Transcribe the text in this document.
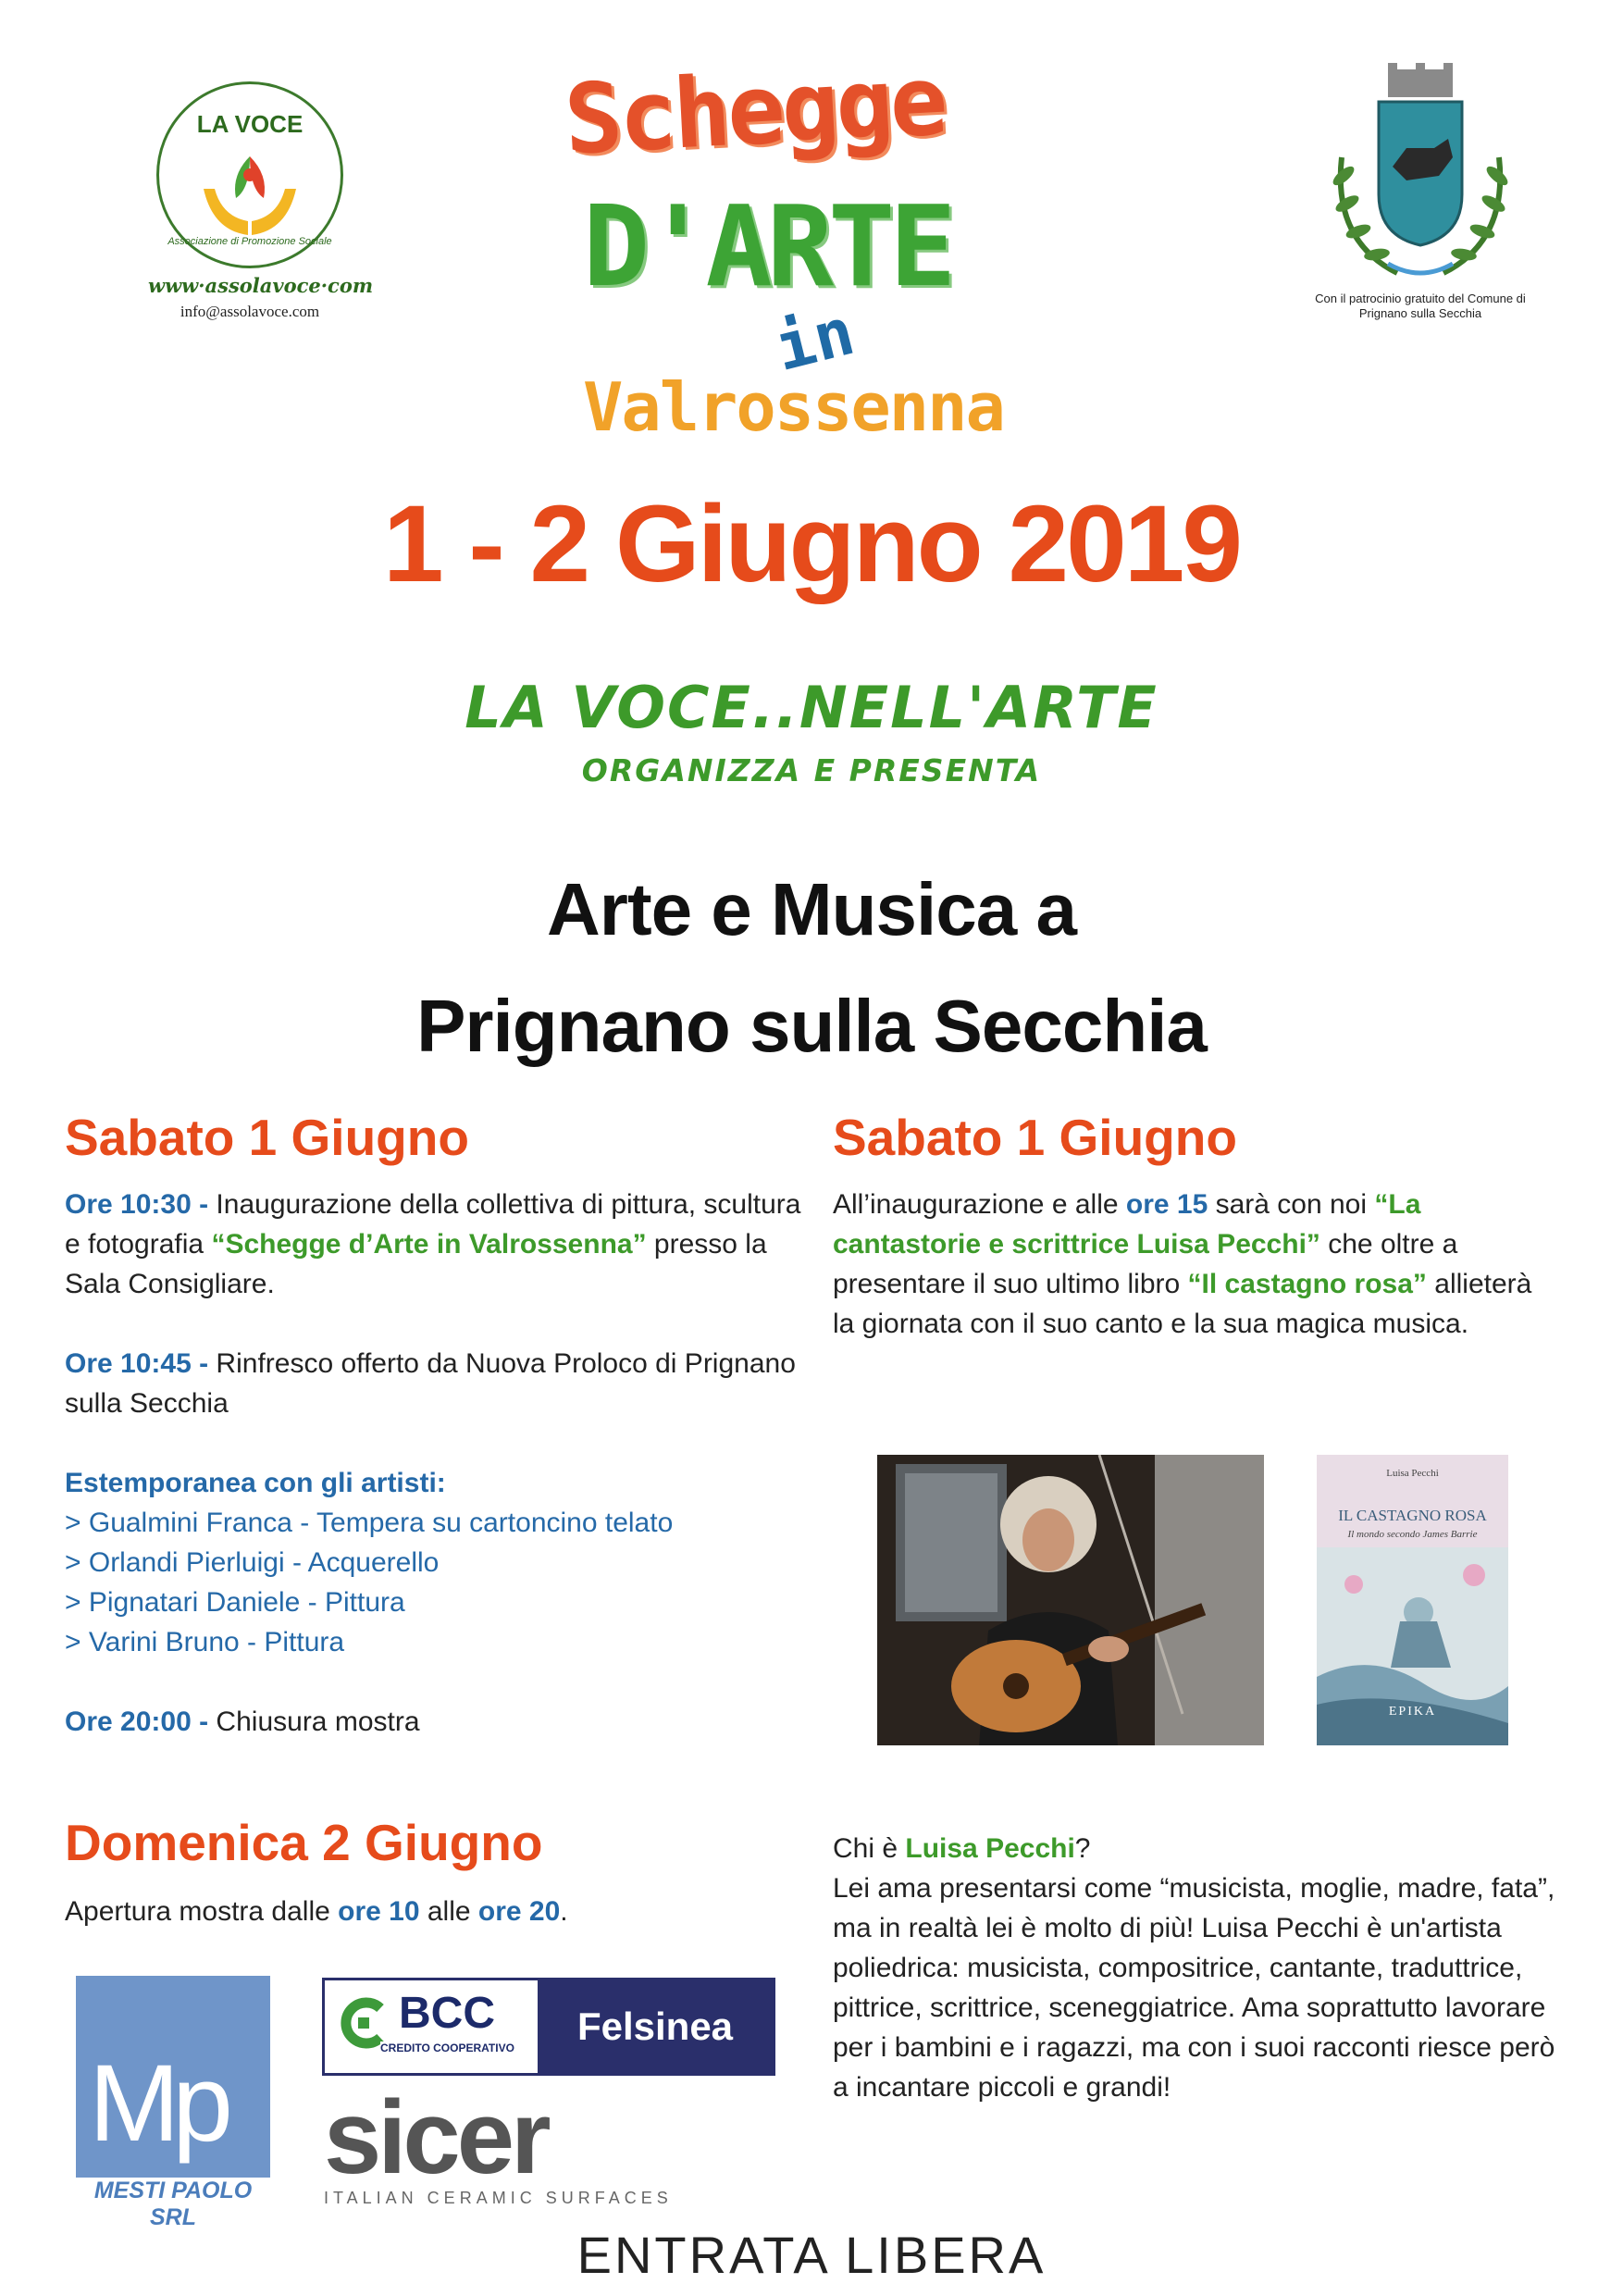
LA VOCE
Associazione di Promozione Sociale
www·assolavoce·com
info@assolavoce.com
Schegge
D'ARTE
in
Valrossenna
Con il patrocinio gratuito del Comune di Prignano sulla Secchia
1 - 2 Giugno 2019
LA VOCE..NELL'ARTE
ORGANIZZA E PRESENTA
Arte e Musica a
Prignano sulla Secchia
Sabato 1 Giugno

Ore 10:30 - Inaugurazione della collettiva di pittura, scultura e fotografia “Schegge d’Arte in Valrossenna” presso la Sala Consigliare.

Ore 10:45 - Rinfresco offerto da Nuova Proloco di Prignano sulla Secchia

Estemporanea con gli artisti:

> Gualmini Franca - Tempera su cartoncino telato
> Orlandi Pierluigi - Acquerello
> Pignatari Daniele - Pittura
> Varini Bruno - Pittura

Ore 20:00 - Chiusura mostra

Sabato 1 Giugno

All’inaugurazione e alle ore 15 sarà con noi “La cantastorie e scrittrice Luisa Pecchi” che oltre a presentare il suo ultimo libro “Il castagno rosa” allieterà la giornata con il suo canto e la sua magica musica.

Luisa Pecchi
IL CASTAGNO ROSA
Il mondo secondo James Barrie
EPIKA

Chi è Luisa Pecchi?

Lei ama presentarsi come “musicista, moglie, madre, fata”, ma in realtà lei è molto di più! Luisa Pecchi è un'artista poliedrica: musicista, compositrice, cantante, traduttrice, pittrice, scrittrice, sceneggiatrice. Ama soprattutto lavorare per i bambini e i ragazzi, ma con i suoi racconti riesce però a incantare piccoli e grandi!

Domenica 2 Giugno

Apertura mostra dalle ore 10 alle ore 20.

Mp
MESTI PAOLO SRL
BCC
CREDITO COOPERATIVO	Felsinea
sicer
ITALIAN CERAMIC SURFACES
ENTRATA LIBERA
